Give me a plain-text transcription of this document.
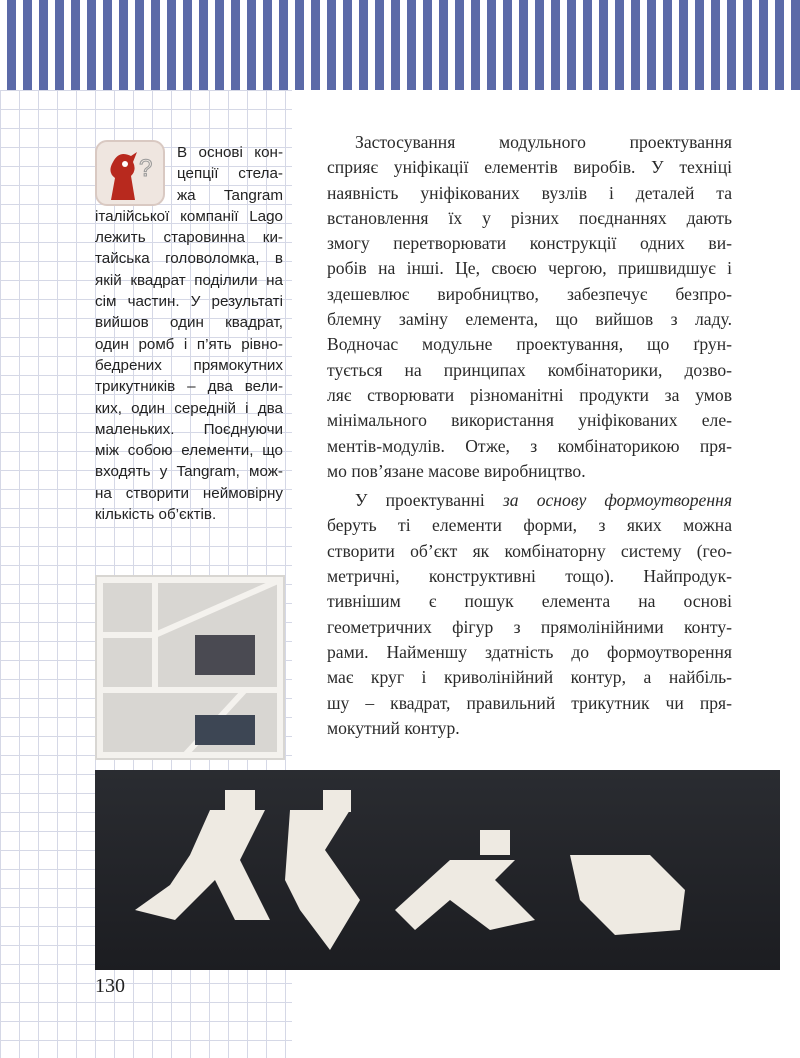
?
В основі кон-
цепції стела-
жа Tangram
італійської компанії Lago
лежить старовинна ки-
тайська головоломка, в
якій квадрат поділили на
сім частин. У результаті
вийшов один квадрат,
один ромб і п’ять рівно-
бедрених прямокутних
трикутників – два вели-
ких, один середній і два
маленьких. Поєднуючи
між собою елементи, що
входять у Tangram, мож-
на створити неймовірну
кількість об’єктів.
Застосування модульного проектування
сприяє уніфікації елементів виробів. У техніці
наявність уніфікованих вузлів і деталей та
встановлення їх у різних поєднаннях дають
змогу перетворювати конструкції одних ви-
робів на інші. Це, своєю чергою, пришвидшує і
здешевлює виробництво, забезпечує безпро-
блемну заміну елемента, що вийшов з ладу.
Водночас модульне проектування, що ґрун-
тується на принципах комбінаторики, дозво-
ляє створювати різноманітні продукти за умов
мінімального використання уніфікованих еле-
ментів-модулів. Отже, з комбінаторикою пря-
мо пов’язане масове виробництво.
У проектуванні за основу формоутворення
беруть ті елементи форми, з яких можна
створити об’єкт як комбінаторну систему (гео-
метричні, конструктивні тощо). Найпродук-
тивнішим є пошук елемента на основі
геометричних фігур з прямолінійними конту-
рами. Найменшу здатність до формоутворення
має круг і криволінійний контур, а найбіль-
шу – квадрат, правильний трикутник чи пря-
мокутний контур.
130
